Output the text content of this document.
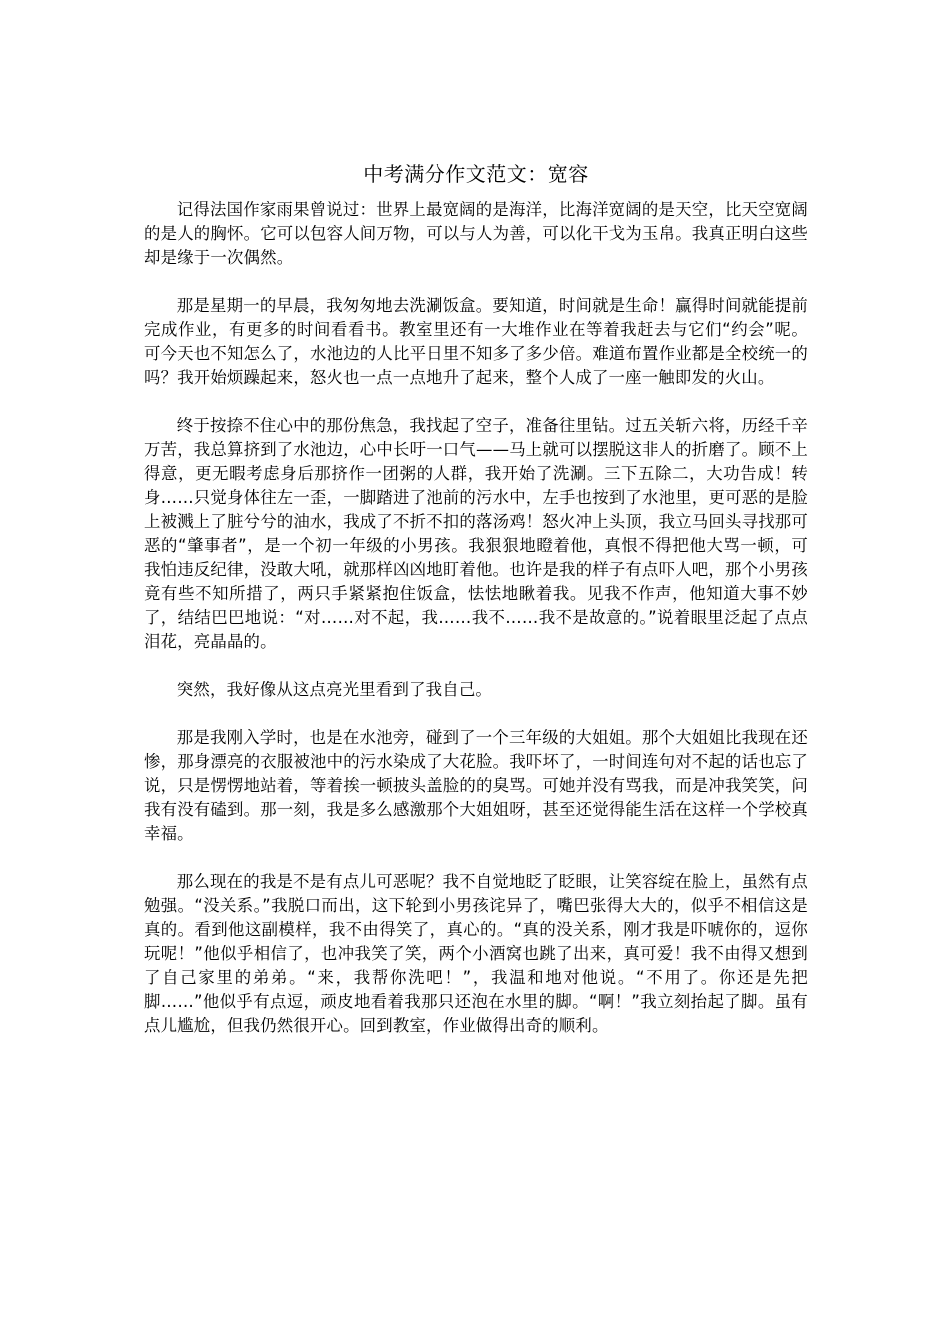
中考满分作文范文：宽容

记得法国作家雨果曾说过：世界上最宽阔的是海洋，比海洋宽阔的是天空，比天空宽阔的是人的胸怀。它可以包容人间万物，可以与人为善，可以化干戈为玉帛。我真正明白这些却是缘于一次偶然。

那是星期一的早晨，我匆匆地去洗涮饭盒。要知道，时间就是生命！赢得时间就能提前完成作业，有更多的时间看看书。教室里还有一大堆作业在等着我赶去与它们“约会”呢。可今天也不知怎么了，水池边的人比平日里不知多了多少倍。难道布置作业都是全校统一的吗？我开始烦躁起来，怒火也一点一点地升了起来，整个人成了一座一触即发的火山。

终于按捺不住心中的那份焦急，我找起了空子，准备往里钻。过五关斩六将，历经千辛万苦，我总算挤到了水池边，心中长吁一口气——马上就可以摆脱这非人的折磨了。顾不上得意，更无暇考虑身后那挤作一团粥的人群，我开始了洗涮。三下五除二，大功告成！转身……只觉身体往左一歪，一脚踏进了池前的污水中，左手也按到了水池里，更可恶的是脸上被溅上了脏兮兮的油水，我成了不折不扣的落汤鸡！怒火冲上头顶，我立马回头寻找那可恶的“肇事者”，是一个初一年级的小男孩。我狠狠地瞪着他，真恨不得把他大骂一顿，可我怕违反纪律，没敢大吼，就那样凶凶地盯着他。也许是我的样子有点吓人吧，那个小男孩竟有些不知所措了，两只手紧紧抱住饭盒，怯怯地瞅着我。见我不作声，他知道大事不妙了，结结巴巴地说：“对……对不起，我……我不……我不是故意的。”说着眼里泛起了点点泪花，亮晶晶的。

突然，我好像从这点亮光里看到了我自己。

那是我刚入学时，也是在水池旁，碰到了一个三年级的大姐姐。那个大姐姐比我现在还惨，那身漂亮的衣服被池中的污水染成了大花脸。我吓坏了，一时间连句对不起的话也忘了说，只是愣愣地站着，等着挨一顿披头盖脸的的臭骂。可她并没有骂我，而是冲我笑笑，问我有没有磕到。那一刻，我是多么感激那个大姐姐呀，甚至还觉得能生活在这样一个学校真幸福。

那么现在的我是不是有点儿可恶呢？我不自觉地眨了眨眼，让笑容绽在脸上，虽然有点勉强。“没关系。”我脱口而出，这下轮到小男孩诧异了，嘴巴张得大大的，似乎不相信这是真的。看到他这副模样，我不由得笑了，真心的。“真的没关系，刚才我是吓唬你的，逗你玩呢！”他似乎相信了，也冲我笑了笑，两个小酒窝也跳了出来，真可爱！我不由得又想到了自己家里的弟弟。“来，我帮你洗吧！”，我温和地对他说。“不用了。你还是先把脚……”他似乎有点逗，顽皮地看着我那只还泡在水里的脚。“啊！”我立刻抬起了脚。虽有点儿尴尬，但我仍然很开心。回到教室，作业做得出奇的顺利。
